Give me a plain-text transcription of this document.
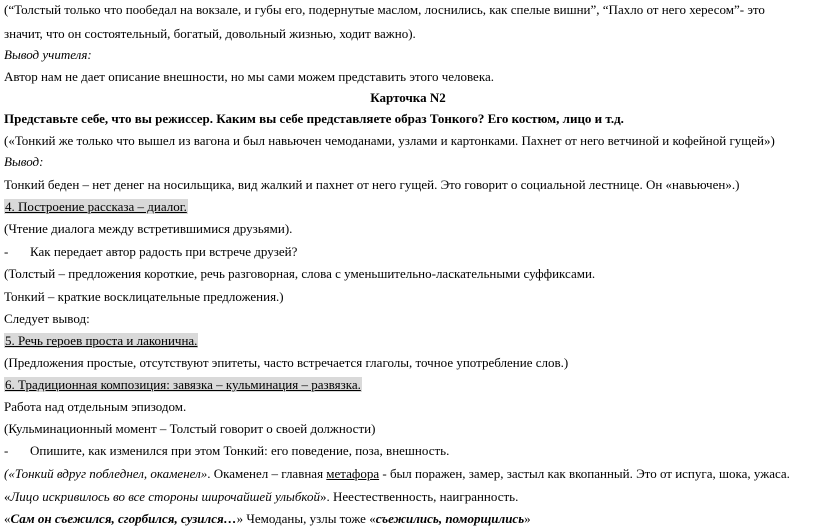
(“Толстый только что пообедал на вокзале, и губы его, подернутые маслом, лоснились, как спелые вишни”, “Пахло от него хересом”- это
значит, что он состоятельный, богатый, довольный жизнью, ходит важно).
Вывод учителя:
Автор нам не дает описание внешности, но мы сами можем представить этого человека.
Карточка N2
Представьте себе, что вы режиссер. Каким вы себе представляете образ Тонкого? Его костюм, лицо и т.д.
(«Тонкий же только что вышел из вагона и был навьючен чемоданами, узлами и картонками. Пахнет от него ветчиной и кофейной гущей»)
Вывод:
Тонкий беден – нет денег на носильщика, вид жалкий и пахнет от него гущей. Это говорит о социальной лестнице. Он «навьючен».)
4. Построение рассказа – диалог.
(Чтение диалога между встретившимися друзьями).
- Как передает автор радость при встрече друзей?
(Толстый – предложения короткие, речь разговорная, слова с уменьшительно-ласкательными суффиксами.
Тонкий – краткие восклицательные предложения.)
Следует вывод:
5. Речь героев проста и лаконична.
(Предложения простые, отсутствуют эпитеты, часто встречается глаголы, точное употребление слов.)
6. Традиционная композиция: завязка – кульминация – развязка.
Работа над отдельным эпизодом.
(Кульминационный момент – Толстый говорит о своей должности)
- Опишите, как изменился при этом Тонкий: его поведение, поза, внешность.
(«Тонкий вдруг побледнел, окаменел». Окаменел – главная метафора - был поражен, замер, застыл как вкопанный. Это от испуга, шока, ужаса.
«Лицо искривилось во все стороны широчайшей улыбкой». Неестественность, наигранность.
«Сам он съежился, сгорбился, сузился…» Чемоданы, узлы тоже «съежились, поморщились»
